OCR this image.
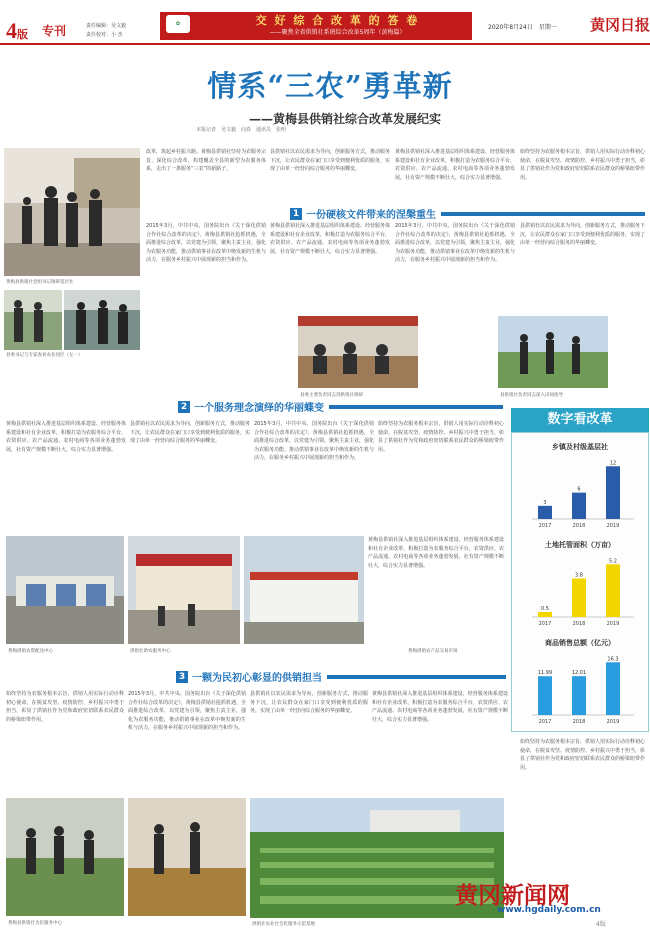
4版 专刊	责任编辑：吴文毅
责任校对：小 杰
✿	交 好 综 合 改 革 的 答 卷
——聚焦全省供销社系统综合改革5周年（黄梅篇）
2020年8月24日　星期一 黄冈日报
情系“三农”勇革新
——黄梅县供销社综合改革发展纪实
本报记者　吴文毅　向春　通讯员　张明
黄梅县供销社党组书记调研基层社
县委书记与专家查看农业园区（左一）
改革，筑起乡村振兴路。黄梅县供销社坚持为农服务宗旨，深化综合改革，构建覆盖全县的新型为农服务体系，走出了一条服务“三农”的新路子。
县供销社以农民需求为导向，创新服务方式，推动服务下沉，让农民群众在家门口享受到便利优质的服务，实现了由单一经营向综合服务的华丽蝶变。
黄梅县供销社深入推进基层组织体系建设、经营服务体系建设和社有企业改革，积极打造为农服务综合平台，农资供应、农产品流通、农村电商等各项业务蓬勃发展，社有资产规模不断壮大，综合实力显著增强。
始终坚持为农服务根本宗旨，供销人用实际行动诠释初心使命，在脱贫攻坚、疫情防控、乡村振兴中勇于担当，彰显了供销社作为党和政府密切联系农民群众的桥梁纽带作用。
1 一份硬核文件带来的涅槃重生
2015年3月，中共中央、国务院出台《关于深化供销合作社综合改革的决定》，黄梅县供销社抢抓机遇，全面推进综合改革，以党建为引领，聚焦主责主业，强化为农服务功能，推动供销事业在改革中焕发新的生机与活力，在服务乡村振兴中展现新的担当和作为。
黄梅县供销社深入推进基层组织体系建设、经营服务体系建设和社有企业改革，积极打造为农服务综合平台，农资供应、农产品流通、农村电商等各项业务蓬勃发展，社有资产规模不断壮大，综合实力显著增强。
2015年3月，中共中央、国务院出台《关于深化供销合作社综合改革的决定》，黄梅县供销社抢抓机遇，全面推进综合改革，以党建为引领，聚焦主责主业，强化为农服务功能，推动供销事业在改革中焕发新的生机与活力，在服务乡村振兴中展现新的担当和作为。
县供销社以农民需求为导向，创新服务方式，推动服务下沉，让农民群众在家门口享受到便利优质的服务，实现了由单一经营向综合服务的华丽蝶变。
县委主要负责同志到供销社调研	县供销社负责同志深入田间指导
2 一个服务理念演绎的华丽蝶变
黄梅县供销社深入推进基层组织体系建设、经营服务体系建设和社有企业改革，积极打造为农服务综合平台，农资供应、农产品流通、农村电商等各项业务蓬勃发展，社有资产规模不断壮大，综合实力显著增强。
县供销社以农民需求为导向，创新服务方式，推动服务下沉，让农民群众在家门口享受到便利优质的服务，实现了由单一经营向综合服务的华丽蝶变。
2015年3月，中共中央、国务院出台《关于深化供销合作社综合改革的决定》，黄梅县供销社抢抓机遇，全面推进综合改革，以党建为引领，聚焦主责主业，强化为农服务功能，推动供销事业在改革中焕发新的生机与活力，在服务乡村振兴中展现新的担当和作为。
始终坚持为农服务根本宗旨，供销人用实际行动诠释初心使命，在脱贫攻坚、疫情防控、乡村振兴中勇于担当，彰显了供销社作为党和政府密切联系农民群众的桥梁纽带作用。
黄梅县供销社深入推进基层组织体系建设、经营服务体系建设和社有企业改革，积极打造为农服务综合平台，农资供应、农产品流通、农村电商等各项业务蓬勃发展，社有资产规模不断壮大，综合实力显著增强。
黄梅供销农资配送中心	供销社助农服务中心	黄梅供销农产品交易市场
数字看改革
乡镇及村级基层社
3
2017
6
2018
12
2019
土地托管面积（万亩）
0.5
2017
3.8
2018
5.2
2019
商品销售总额（亿元）
11.99
2017
12.01
2018
16.3
2019
3 一颗为民初心彰显的供销担当
始终坚持为农服务根本宗旨，供销人用实际行动诠释初心使命，在脱贫攻坚、疫情防控、乡村振兴中勇于担当，彰显了供销社作为党和政府密切联系农民群众的桥梁纽带作用。
2015年3月，中共中央、国务院出台《关于深化供销合作社综合改革的决定》，黄梅县供销社抢抓机遇，全面推进综合改革，以党建为引领，聚焦主责主业，强化为农服务功能，推动供销事业在改革中焕发新的生机与活力，在服务乡村振兴中展现新的担当和作为。
县供销社以农民需求为导向，创新服务方式，推动服务下沉，让农民群众在家门口享受到便利优质的服务，实现了由单一经营向综合服务的华丽蝶变。
黄梅县供销社深入推进基层组织体系建设、经营服务体系建设和社有企业改革，积极打造为农服务综合平台，农资供应、农产品流通、农村电商等各项业务蓬勃发展，社有资产规模不断壮大，综合实力显著增强。
始终坚持为农服务根本宗旨，供销人用实际行动诠释初心使命，在脱贫攻坚、疫情防控、乡村振兴中勇于担当，彰显了供销社作为党和政府密切联系农民群众的桥梁纽带作用。
黄梅县供销社为民服务中心	供销社农业社会化服务示范基地
黄冈新闻网
www.hgdaily.com.cn
4版
